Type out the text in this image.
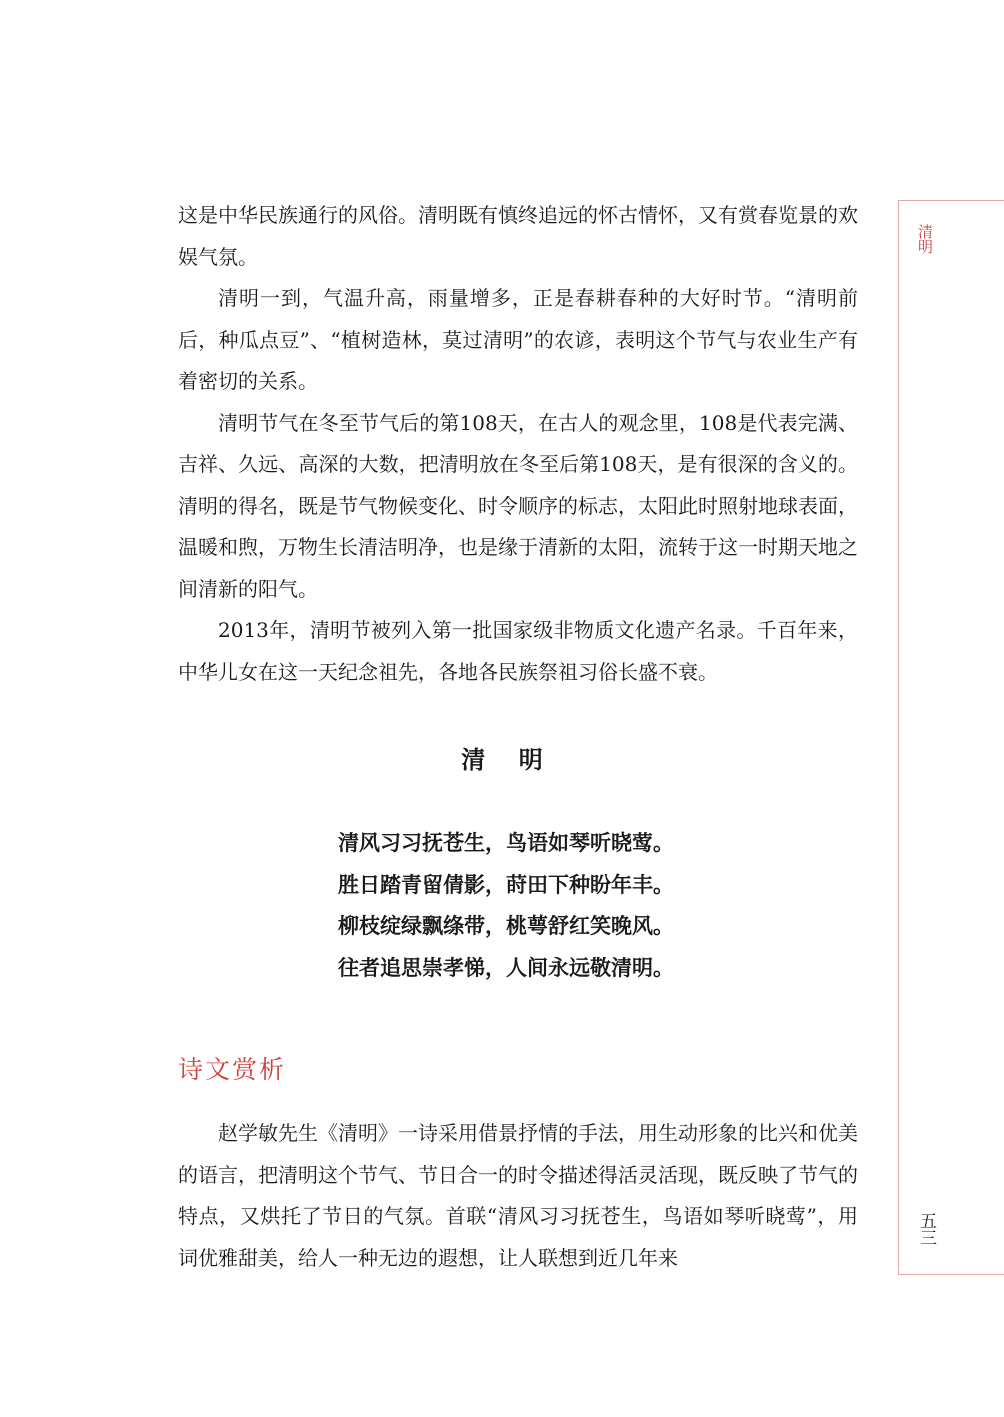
这是中华民族通行的风俗。清明既有慎终追远的怀古情怀，又有赏春览景的欢娱气氛。

清明一到，气温升高，雨量增多，正是春耕春种的大好时节。“清明前后，种瓜点豆”、“植树造林，莫过清明”的农谚，表明这个节气与农业生产有着密切的关系。

清明节气在冬至节气后的第108天，在古人的观念里，108是代表完满、吉祥、久远、高深的大数，把清明放在冬至后第108天，是有很深的含义的。清明的得名，既是节气物候变化、时令顺序的标志，太阳此时照射地球表面，温暖和煦，万物生长清洁明净，也是缘于清新的太阳，流转于这一时期天地之间清新的阳气。

2013年，清明节被列入第一批国家级非物质文化遗产名录。千百年来，中华儿女在这一天纪念祖先，各地各民族祭祖习俗长盛不衰。

清明
清风习习抚苍生，鸟语如琴听晓莺。
胜日踏青留倩影，莳田下种盼年丰。
柳枝绽绿飘绦带，桃萼舒红笑晚风。
往者追思崇孝悌，人间永远敬清明。
诗文赏析

赵学敏先生《清明》一诗采用借景抒情的手法，用生动形象的比兴和优美的语言，把清明这个节气、节日合一的时令描述得活灵活现，既反映了节气的特点，又烘托了节日的气氛。首联“清风习习抚苍生，鸟语如琴听晓莺”，用词优雅甜美，给人一种无边的遐想，让人联想到近几年来

清明
五三
